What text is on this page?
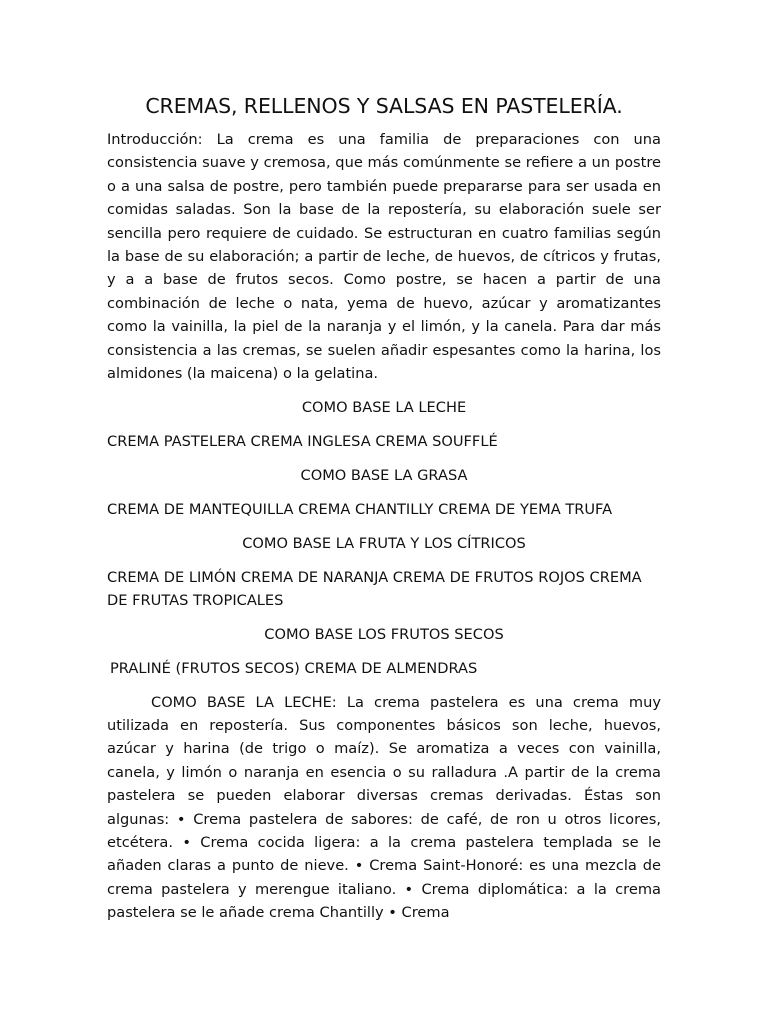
CREMAS, RELLENOS Y SALSAS EN PASTELERÍA.

Introducción: La crema es una familia de preparaciones con una consistencia suave y cremosa, que más comúnmente se refiere a un postre o a una salsa de postre, pero también puede prepararse para ser usada en comidas saladas. Son la base de la repostería, su elaboración suele ser sencilla pero requiere de cuidado. Se estructuran en cuatro familias según la base de su elaboración; a partir de leche, de huevos, de cítricos y frutas, y a a base de frutos secos. Como postre, se hacen a partir de una combinación de leche o nata, yema de huevo, azúcar y aromatizantes como la vainilla, la piel de la naranja y el limón, y la canela. Para dar más consistencia a las cremas, se suelen añadir espesantes como la harina, los almidones (la maicena) o la gelatina.

COMO BASE LA LECHE

CREMA PASTELERA CREMA INGLESA CREMA SOUFFLÉ

COMO BASE LA GRASA

CREMA DE MANTEQUILLA CREMA CHANTILLY CREMA DE YEMA TRUFA

COMO BASE LA FRUTA Y LOS CÍTRICOS

CREMA DE LIMÓN CREMA DE NARANJA CREMA DE FRUTOS ROJOS CREMA DE FRUTAS TROPICALES

COMO BASE LOS FRUTOS SECOS

PRALINÉ (FRUTOS SECOS) CREMA DE ALMENDRAS

COMO BASE LA LECHE: La crema pastelera es una crema muy utilizada en repostería. Sus componentes básicos son leche, huevos, azúcar y harina (de trigo o maíz). Se aromatiza a veces con vainilla, canela, y limón o naranja en esencia o su ralladura .A partir de la crema pastelera se pueden elaborar diversas cremas derivadas. Éstas son algunas: • Crema pastelera de sabores: de café, de ron u otros licores, etcétera. • Crema cocida ligera: a la crema pastelera templada se le añaden claras a punto de nieve. • Crema Saint-Honoré: es una mezcla de crema pastelera y merengue italiano. • Crema diplomática: a la crema pastelera se le añade crema Chantilly • Crema
